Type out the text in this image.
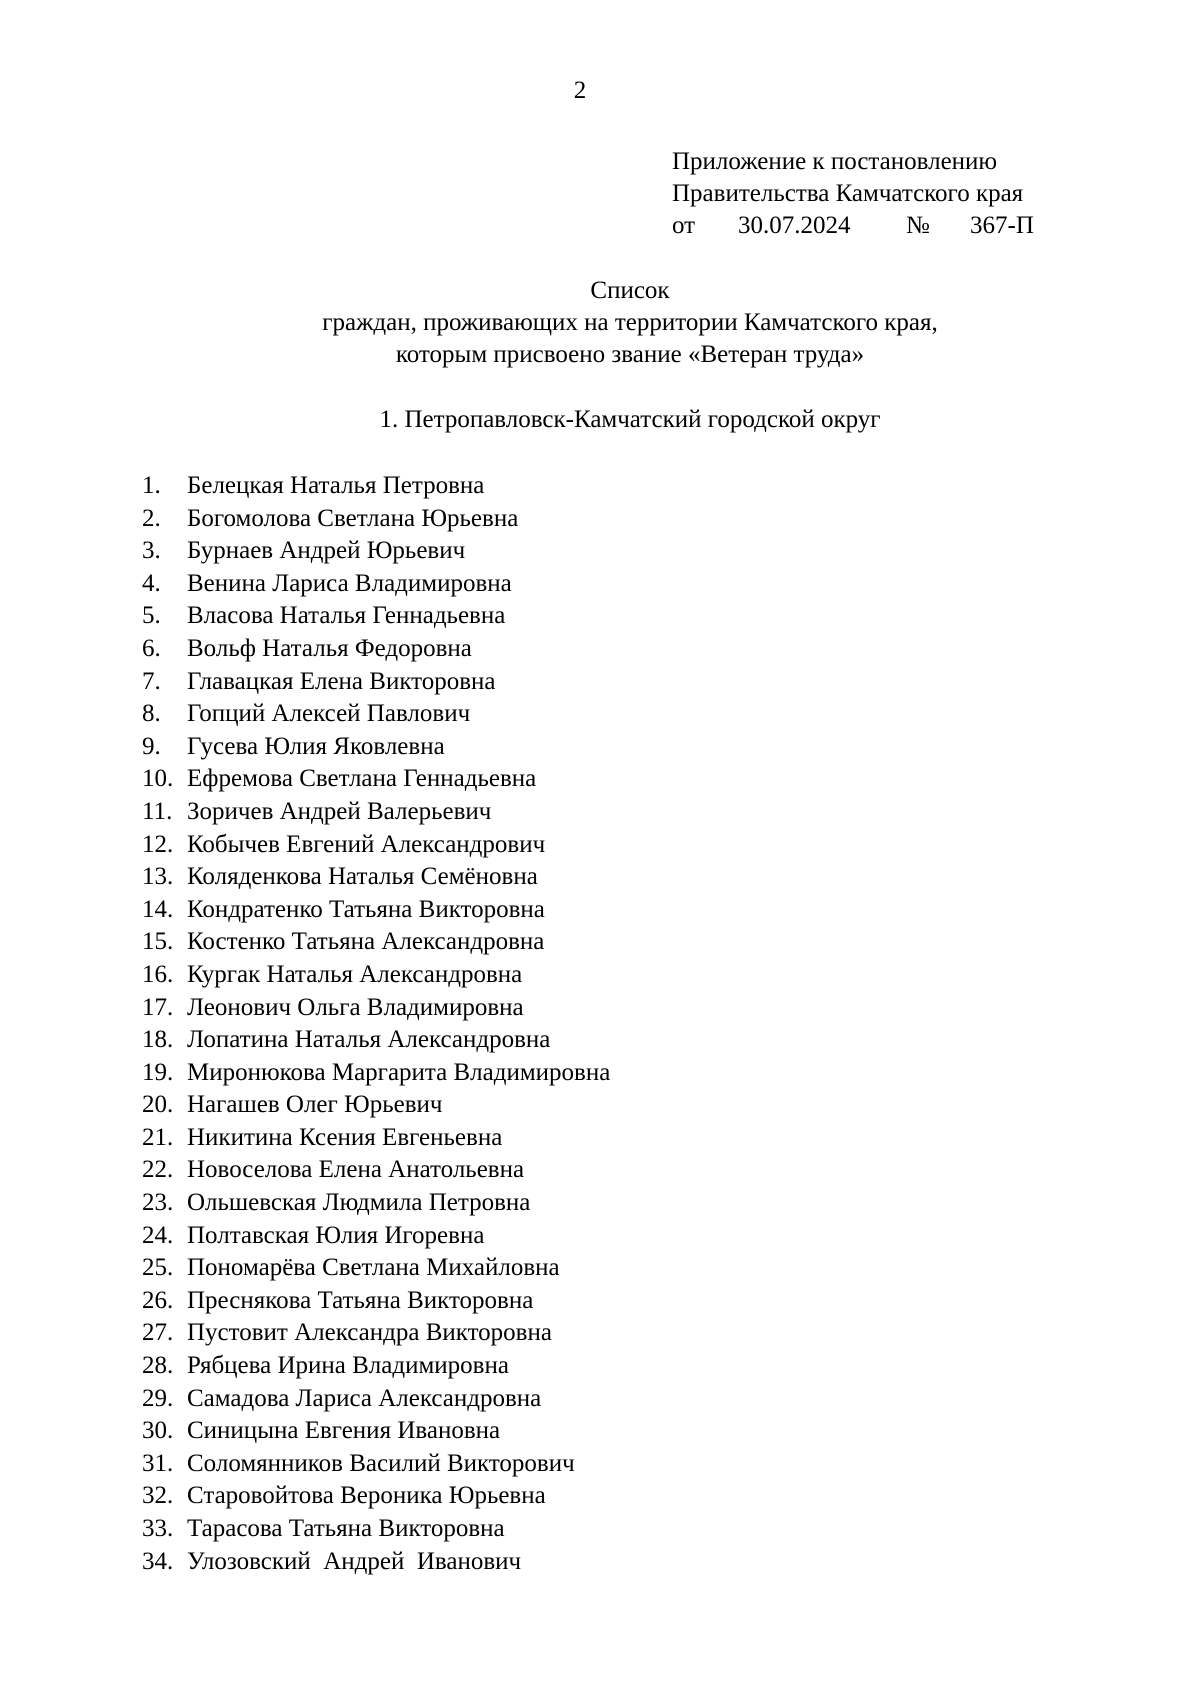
2
Приложение к постановлению
Правительства Камчатского края
от	30.07.2024	№	367-П
Список
граждан, проживающих на территории Камчатского края,
которым присвоено звание «Ветеран труда»
1. Петропавловск-Камчатский городской округ
1.	Белецкая Наталья Петровна
2.	Богомолова Светлана Юрьевна
3.	Бурнаев Андрей Юрьевич
4.	Венина Лариса Владимировна
5.	Власова Наталья Геннадьевна
6.	Вольф Наталья Федоровна
7.	Главацкая Елена Викторовна
8.	Гопций Алексей Павлович
9.	Гусева Юлия Яковлевна
10. Ефремова Светлана Геннадьевна
11. Зоричев Андрей Валерьевич
12. Кобычев Евгений Александрович
13. Коляденкова Наталья Семёновна
14. Кондратенко Татьяна Викторовна
15. Костенко Татьяна Александровна
16. Кургак Наталья Александровна
17. Леонович Ольга Владимировна
18. Лопатина Наталья Александровна
19. Миронюкова Маргарита Владимировна
20. Нагашев Олег Юрьевич
21. Никитина Ксения Евгеньевна
22. Новоселова Елена Анатольевна
23. Ольшевская Людмила Петровна
24. Полтавская Юлия Игоревна
25. Пономарёва Светлана Михайловна
26. Преснякова Татьяна Викторовна
27. Пустовит Александра Викторовна
28. Рябцева Ирина Владимировна
29. Самадова Лариса Александровна
30. Синицына Евгения Ивановна
31. Соломянников Василий Викторович
32. Старовойтова Вероника Юрьевна
33. Тарасова Татьяна Викторовна
34. Улозовский  Андрей  Иванович
